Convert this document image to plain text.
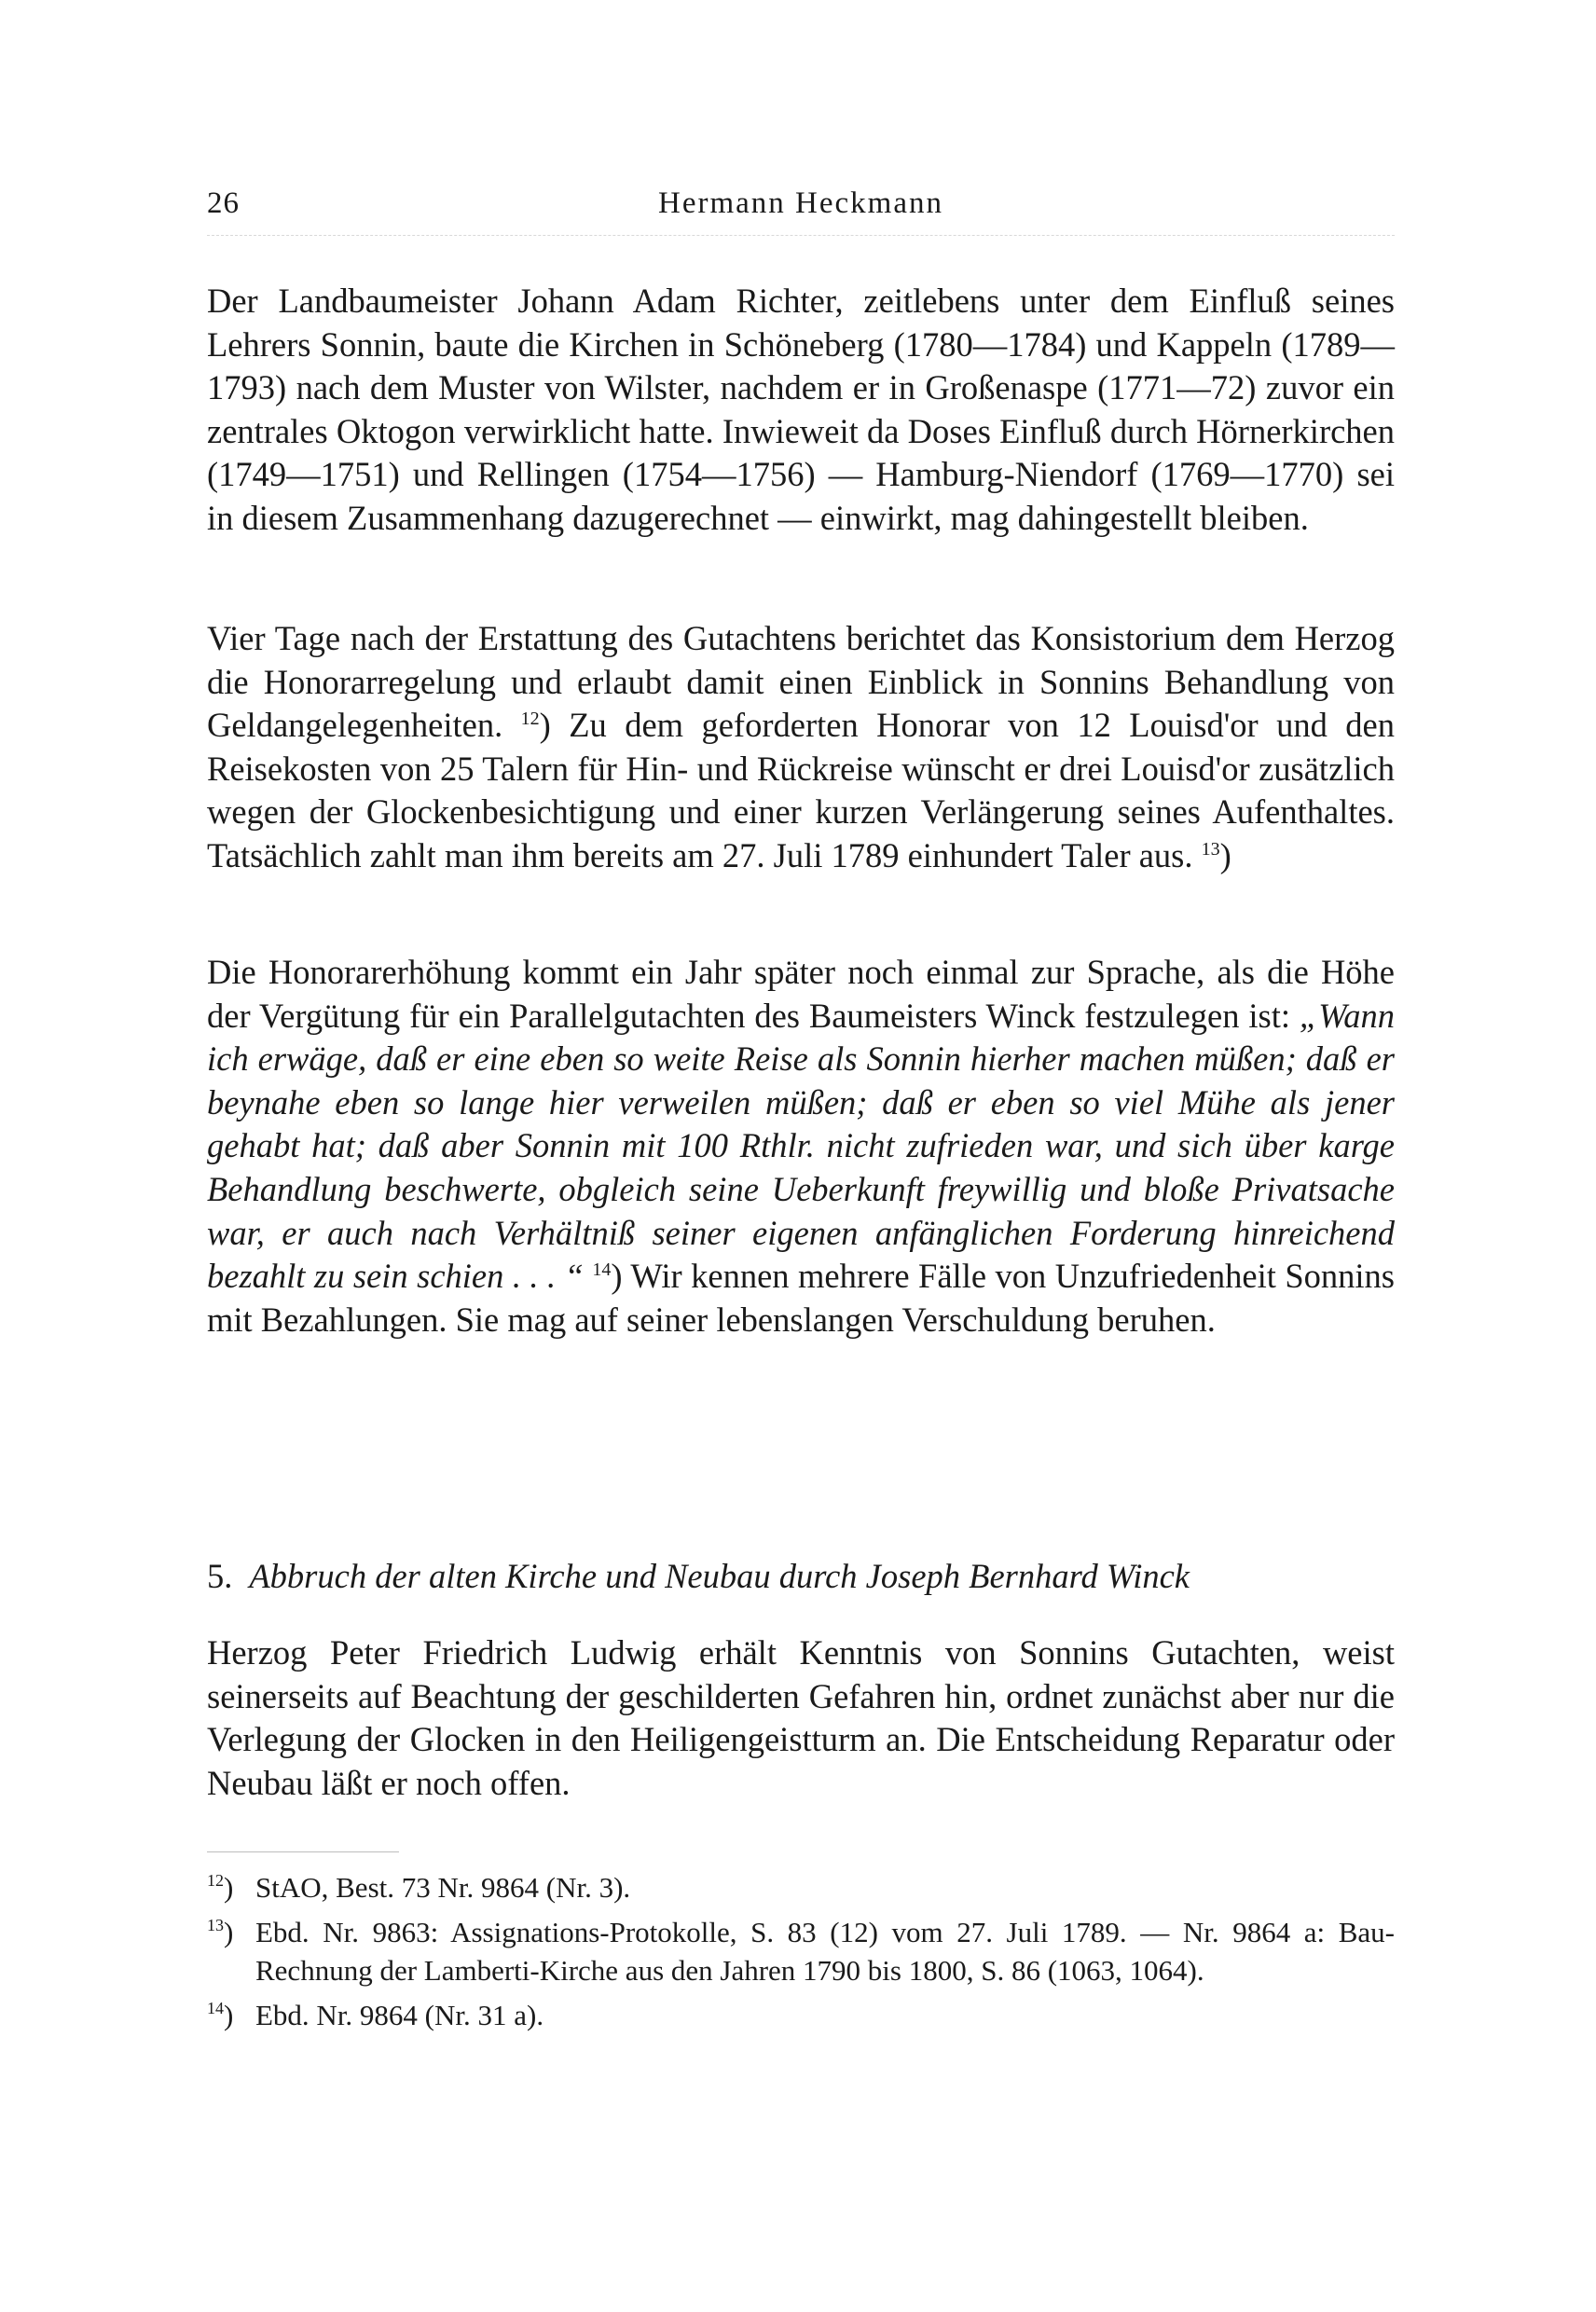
26	Hermann Heckmann

Der Landbaumeister Johann Adam Richter, zeitlebens unter dem Einfluß seines Lehrers Sonnin, baute die Kirchen in Schöneberg (1780—1784) und Kappeln (1789—1793) nach dem Muster von Wilster, nachdem er in Großenaspe (1771—72) zuvor ein zentrales Oktogon verwirklicht hatte. Inwieweit da Doses Einfluß durch Hörnerkirchen (1749—1751) und Rellingen (1754—1756) — Hamburg-Niendorf (1769—1770) sei in diesem Zusammenhang dazugerechnet — einwirkt, mag dahingestellt bleiben.

Vier Tage nach der Erstattung des Gutachtens berichtet das Konsistorium dem Herzog die Honorarregelung und erlaubt damit einen Einblick in Sonnins Behandlung von Geldangelegenheiten. $^{12}$) Zu dem geforderten Honorar von 12 Louisd'or und den Reisekosten von 25 Talern für Hin- und Rückreise wünscht er drei Louisd'or zusätzlich wegen der Glockenbesichtigung und einer kurzen Verlängerung seines Aufenthaltes. Tatsächlich zahlt man ihm bereits am 27. Juli 1789 einhundert Taler aus. $^{13}$)

Die Honorarerhöhung kommt ein Jahr später noch einmal zur Sprache, als die Höhe der Vergütung für ein Parallelgutachten des Baumeisters Winck festzulegen ist: „Wann ich erwäge, daß er eine eben so weite Reise als Sonnin hierher machen müßen; daß er beynahe eben so lange hier verweilen müßen; daß er eben so viel Mühe als jener gehabt hat; daß aber Sonnin mit 100 Rthlr. nicht zufrieden war, und sich über karge Behandlung beschwerte, obgleich seine Ueberkunft freywillig und bloße Privatsache war, er auch nach Verhältniß seiner eigenen anfänglichen Forderung hinreichend bezahlt zu sein schien . . . “ $^{14}$) Wir kennen mehrere Fälle von Unzufriedenheit Sonnins mit Bezahlungen. Sie mag auf seiner lebenslangen Verschuldung beruhen.

5. Abbruch der alten Kirche und Neubau durch Joseph Bernhard Winck

Herzog Peter Friedrich Ludwig erhält Kenntnis von Sonnins Gutachten, weist seinerseits auf Beachtung der geschilderten Gefahren hin, ordnet zunächst aber nur die Verlegung der Glocken in den Heiligengeistturm an. Die Entscheidung Reparatur oder Neubau läßt er noch offen.

$^{12}$) StAO, Best. 73 Nr. 9864 (Nr. 3).
$^{13}$) Ebd. Nr. 9863: Assignations-Protokolle, S. 83 (12) vom 27. Juli 1789. — Nr. 9864 a: Bau-Rechnung der Lamberti-Kirche aus den Jahren 1790 bis 1800, S. 86 (1063, 1064).
$^{14}$) Ebd. Nr. 9864 (Nr. 31 a).
